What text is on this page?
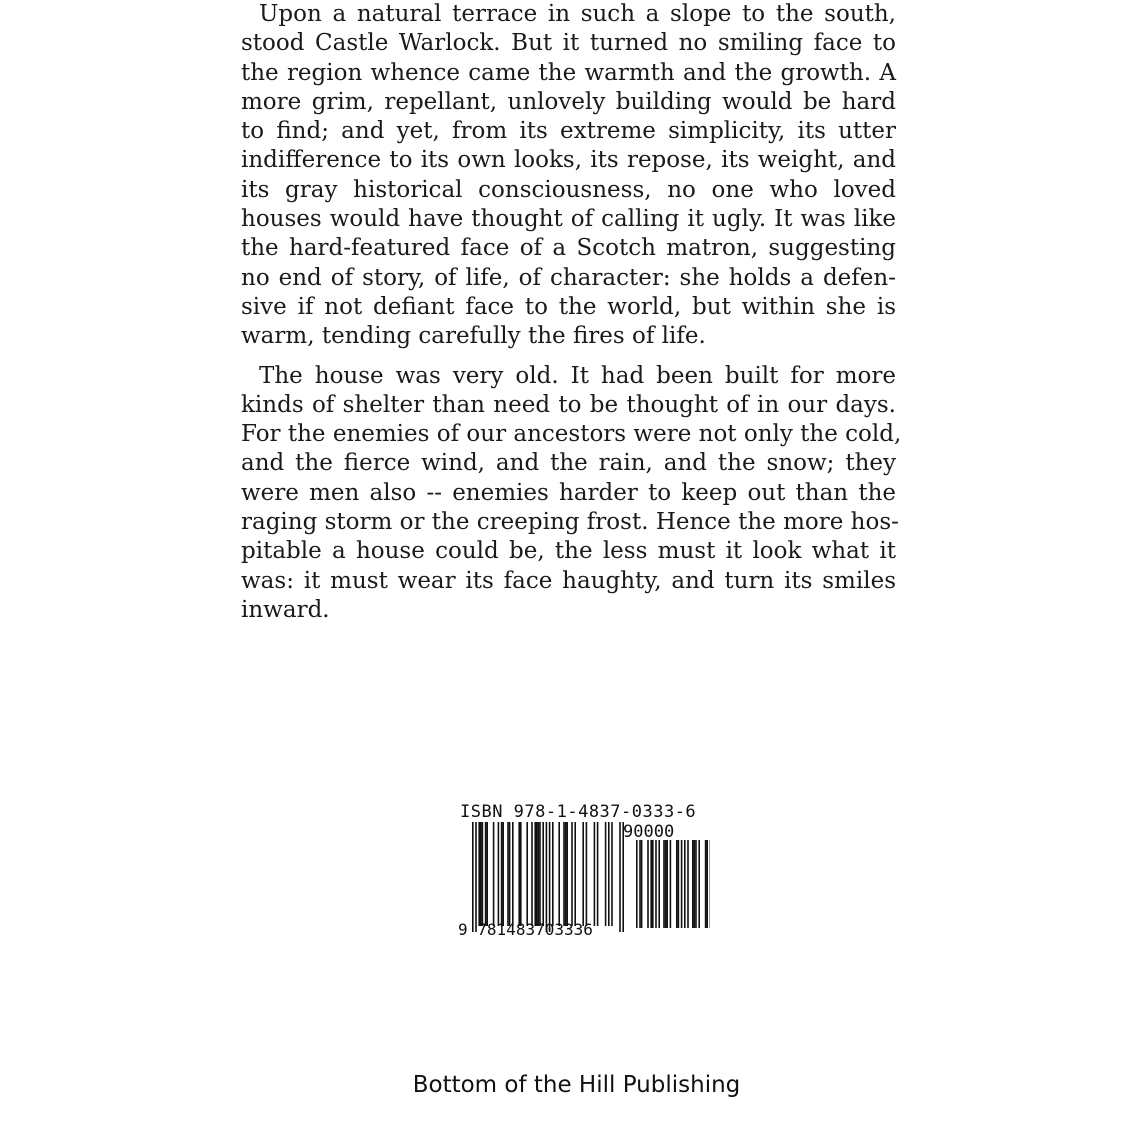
Upon a natural terrace in such a slope to the south,
stood Castle Warlock. But it turned no smiling face to
the region whence came the warmth and the growth. A
more grim, repellant, unlovely building would be hard
to find; and yet, from its extreme simplicity, its utter
indifference to its own looks, its repose, its weight, and
its gray historical consciousness, no one who loved
houses would have thought of calling it ugly. It was like
the hard-featured face of a Scotch matron, suggesting
no end of story, of life, of character: she holds a defen-
sive if not defiant face to the world, but within she is
warm, tending carefully the fires of life.

The house was very old. It had been built for more
kinds of shelter than need to be thought of in our days.
For the enemies of our ancestors were not only the cold,
and the fierce wind, and the rain, and the snow; they
were men also -- enemies harder to keep out than the
raging storm or the creeping frost. Hence the more hos-
pitable a house could be, the less must it look what it
was: it must wear its face haughty, and turn its smiles
inward.

ISBN 978-1-4837-0333-6
90000
9 781483703336
Bottom of the Hill Publishing
